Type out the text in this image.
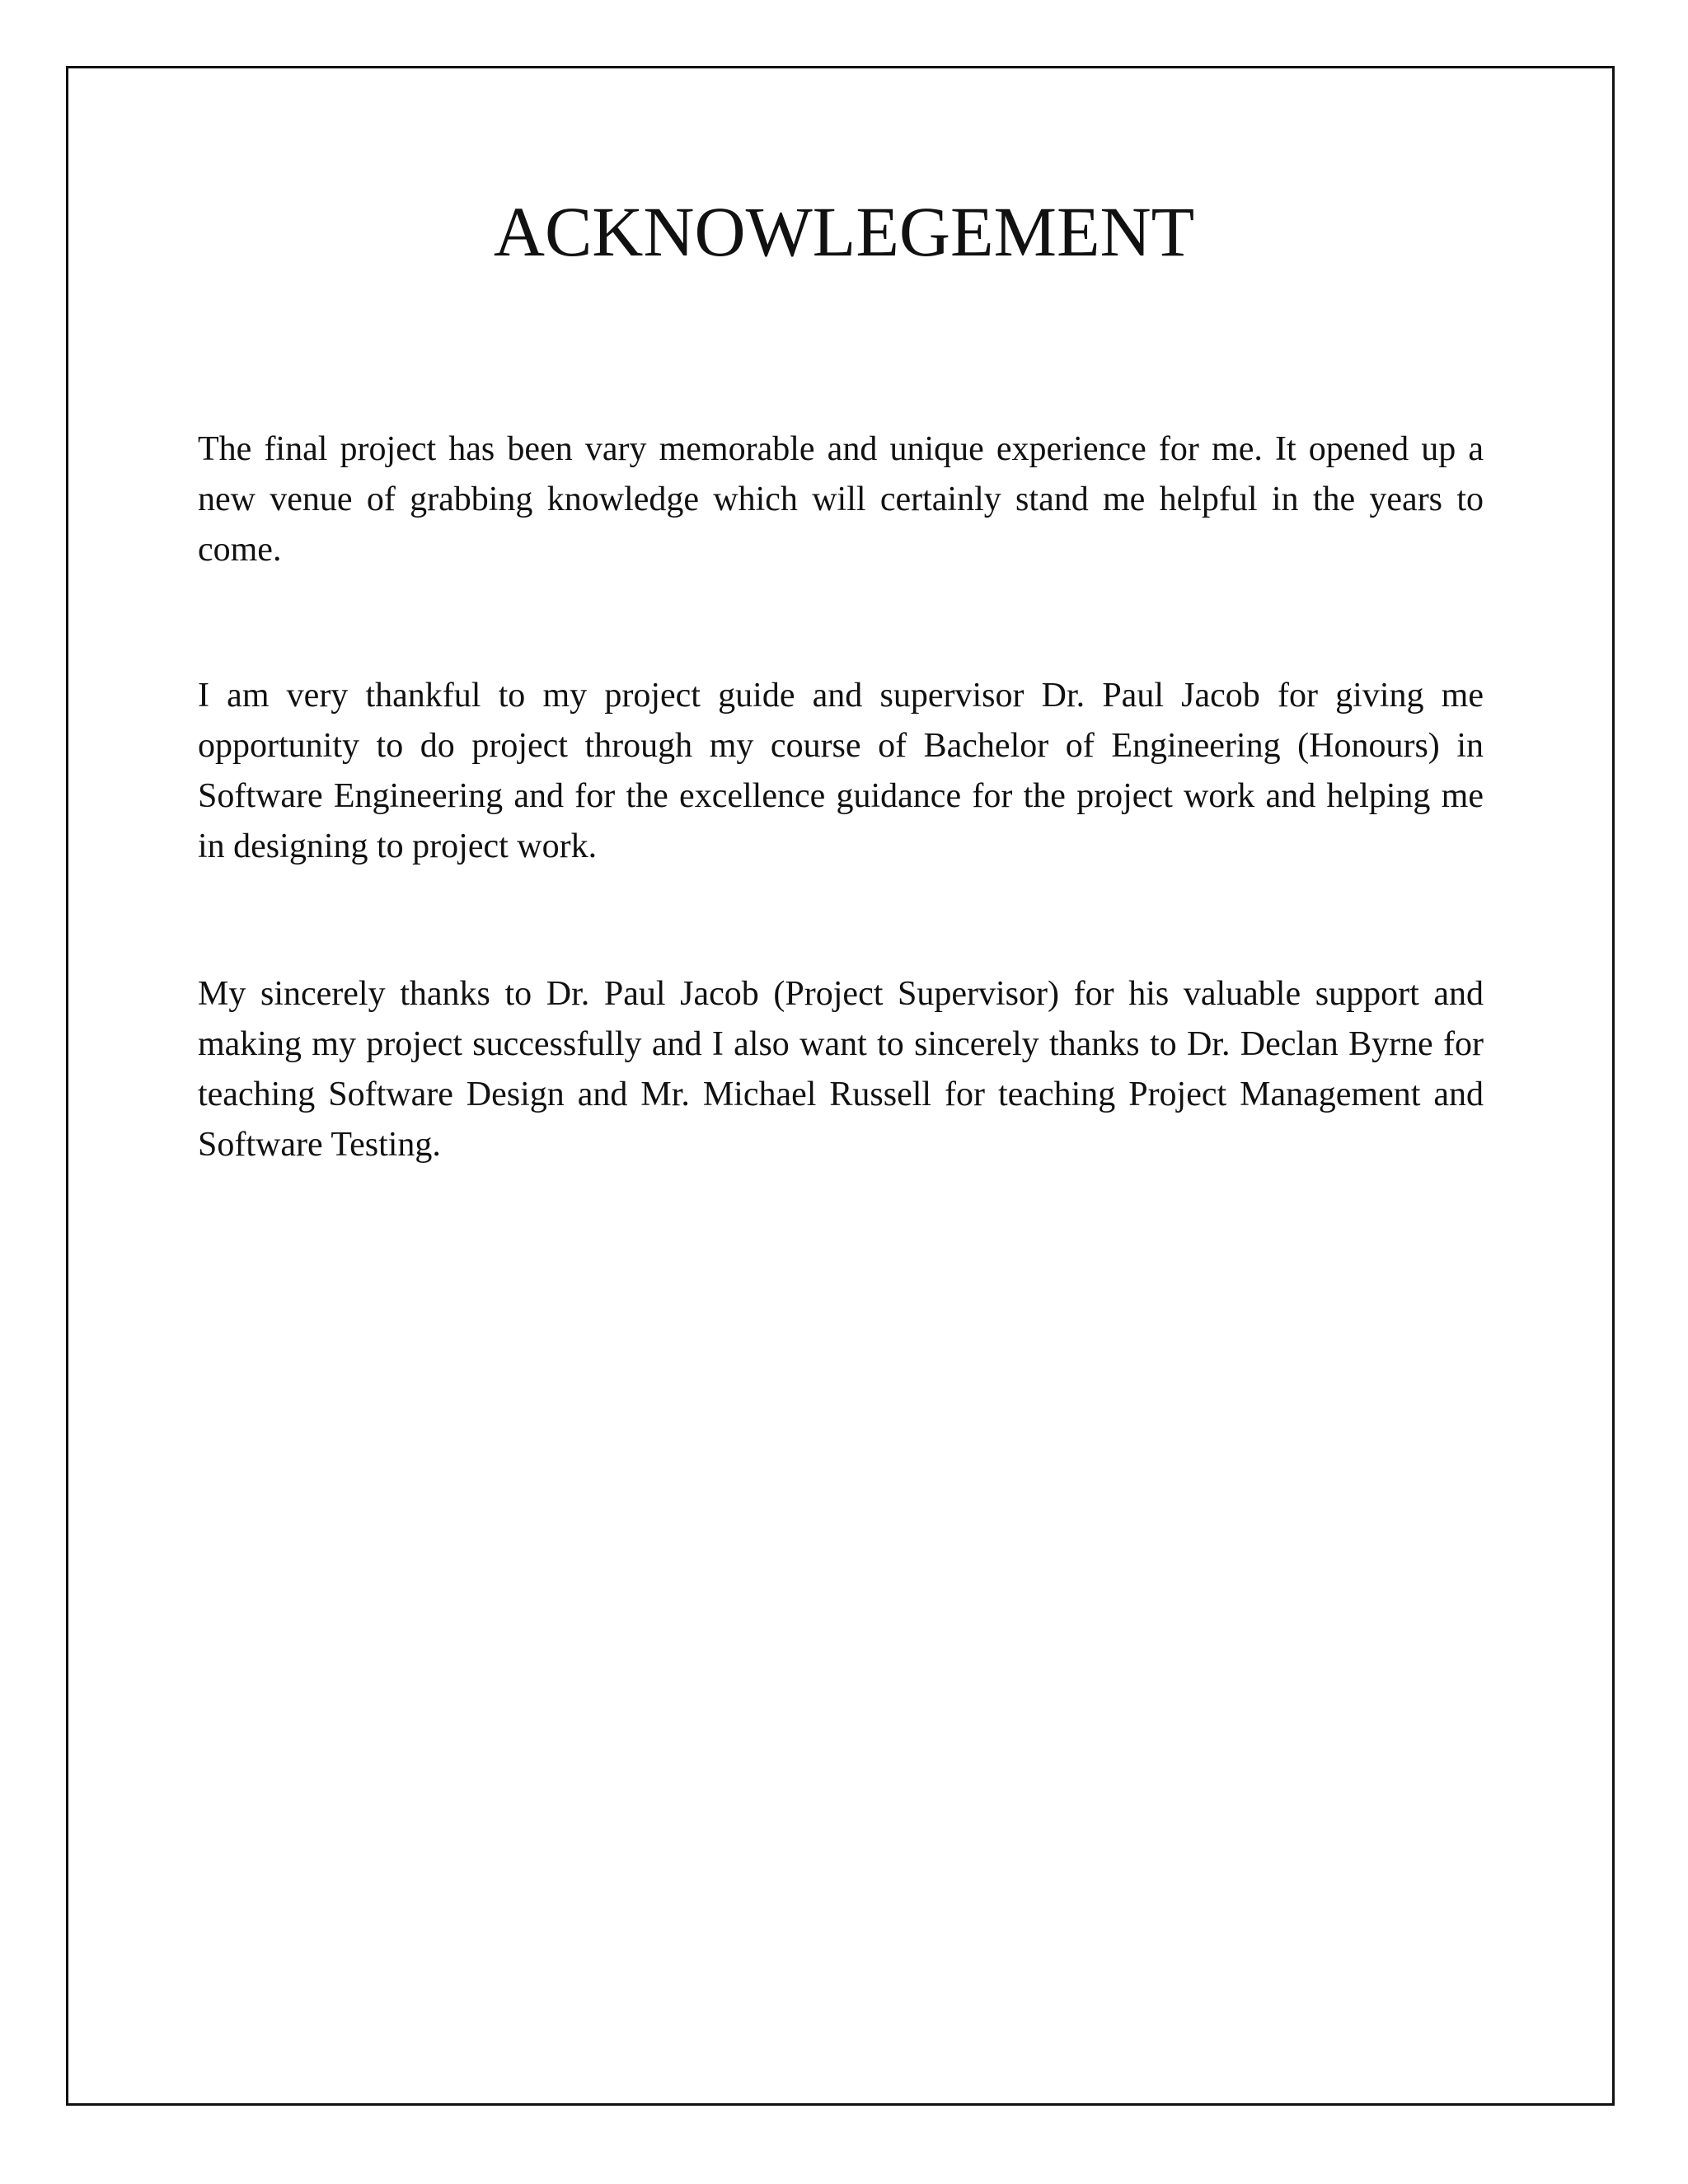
ACKNOWLEGEMENT

The final project has been vary memorable and unique experience for me. It opened up a new venue of grabbing knowledge which will certainly stand me helpful in the years to come.

I am very thankful to my project guide and supervisor Dr. Paul Jacob for giving me opportunity to do project through my course of Bachelor of Engineering (Honours) in Software Engineering and for the excellence guidance for the project work and helping me in designing to project work.

My sincerely thanks to Dr. Paul Jacob (Project Supervisor) for his valuable support and making my project successfully and I also want to sincerely thanks to Dr. Declan Byrne for teaching Software Design and Mr. Michael Russell for teaching Project Management and Software Testing.
